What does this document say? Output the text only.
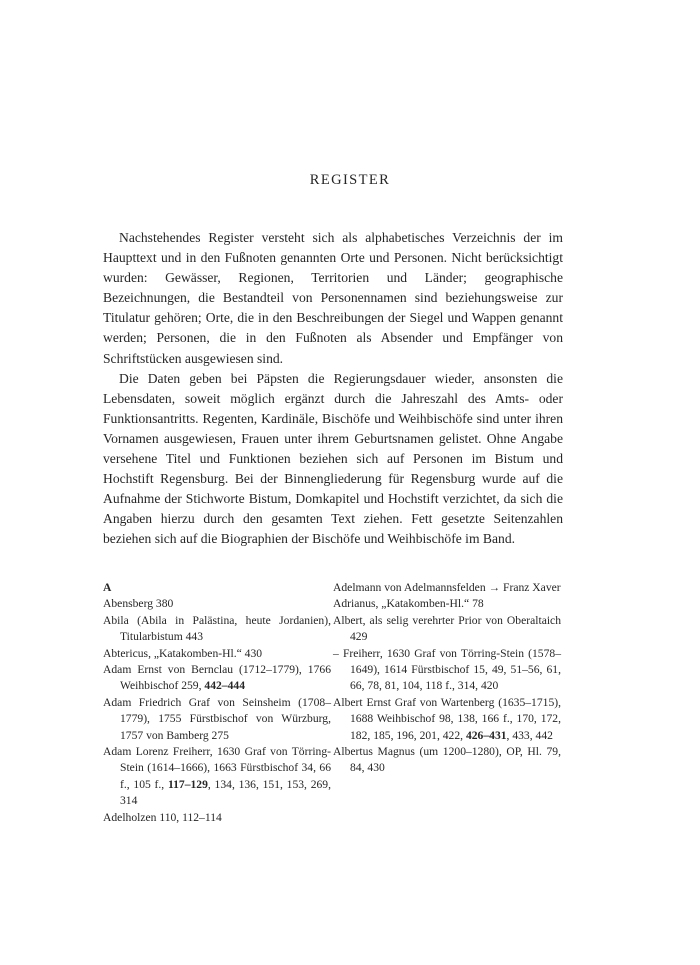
REGISTER

Nachstehendes Register versteht sich als alphabetisches Verzeichnis der im Haupttext und in den Fußnoten genannten Orte und Personen. Nicht berücksichtigt wurden: Gewässer, Regionen, Territorien und Länder; geographische Bezeichnungen, die Bestandteil von Personennamen sind beziehungsweise zur Titulatur gehören; Orte, die in den Beschreibungen der Siegel und Wappen genannt werden; Personen, die in den Fußnoten als Absender und Empfänger von Schriftstücken ausgewiesen sind.

Die Daten geben bei Päpsten die Regierungsdauer wieder, ansonsten die Lebensdaten, soweit möglich ergänzt durch die Jahreszahl des Amts- oder Funktionsantritts. Regenten, Kardinäle, Bischöfe und Weihbischöfe sind unter ihren Vornamen ausgewiesen, Frauen unter ihrem Geburtsnamen gelistet. Ohne Angabe versehene Titel und Funktionen beziehen sich auf Personen im Bistum und Hochstift Regensburg. Bei der Binnengliederung für Regensburg wurde auf die Aufnahme der Stichworte Bistum, Domkapitel und Hochstift verzichtet, da sich die Angaben hierzu durch den gesamten Text ziehen. Fett gesetzte Seitenzahlen beziehen sich auf die Biographien der Bischöfe und Weihbischöfe im Band.

A
Abensberg 380
Abila (Abila in Palästina, heute Jordanien), Titularbistum 443
Abtericus, „Katakomben-Hl.“ 430
Adam Ernst von Bernclau (1712–1779), 1766 Weihbischof 259, 442–444
Adam Friedrich Graf von Seinsheim (1708–1779), 1755 Fürstbischof von Würzburg, 1757 von Bamberg 275
Adam Lorenz Freiherr, 1630 Graf von Törring-Stein (1614–1666), 1663 Fürstbischof 34, 66 f., 105 f., 117–129, 134, 136, 151, 153, 269, 314
Adelholzen 110, 112–114
Adelmann von Adelmannsfelden → Franz Xaver
Adrianus, „Katakomben-Hl.“ 78
Albert, als selig verehrter Prior von Oberaltaich 429
– Freiherr, 1630 Graf von Törring-Stein (1578–1649), 1614 Fürstbischof 15, 49, 51–56, 61, 66, 78, 81, 104, 118 f., 314, 420
Albert Ernst Graf von Wartenberg (1635–1715), 1688 Weihbischof 98, 138, 166 f., 170, 172, 182, 185, 196, 201, 422, 426–431, 433, 442
Albertus Magnus (um 1200–1280), OP, Hl. 79, 84, 430
